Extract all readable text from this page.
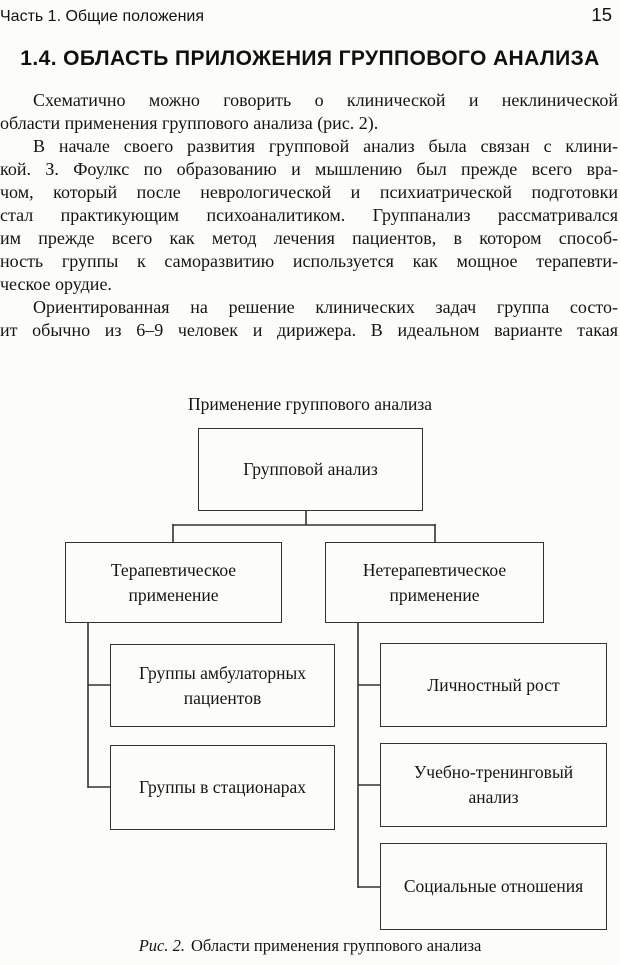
Часть 1. Общие положения	15
1.4. ОБЛАСТЬ ПРИЛОЖЕНИЯ ГРУППОВОГО АНАЛИЗА
Схематично можно говорить о клинической и неклинической
области применения группового анализа (рис. 2).
В начале своего развития групповой анализ была связан с клини-
кой. З. Фоулкс по образованию и мышлению был прежде всего вра-
чом, который после неврологической и психиатрической подготовки
стал практикующим психоаналитиком. Группанализ рассматривался
им прежде всего как метод лечения пациентов, в котором способ-
ность группы к саморазвитию используется как мощное терапевти-
ческое орудие.
Ориентированная на решение клинических задач группа состо-
ит обычно из 6–9 человек и дирижера. В идеальном варианте такая
Применение группового анализа
Групповой анализ
Терапевтическое применение
Нетерапевтическое применение
Группы амбулаторных пациентов
Группы в стационарах
Личностный рост
Учебно-тренинговый анализ
Социальные отношения
Рис. 2. Области применения группового анализа
